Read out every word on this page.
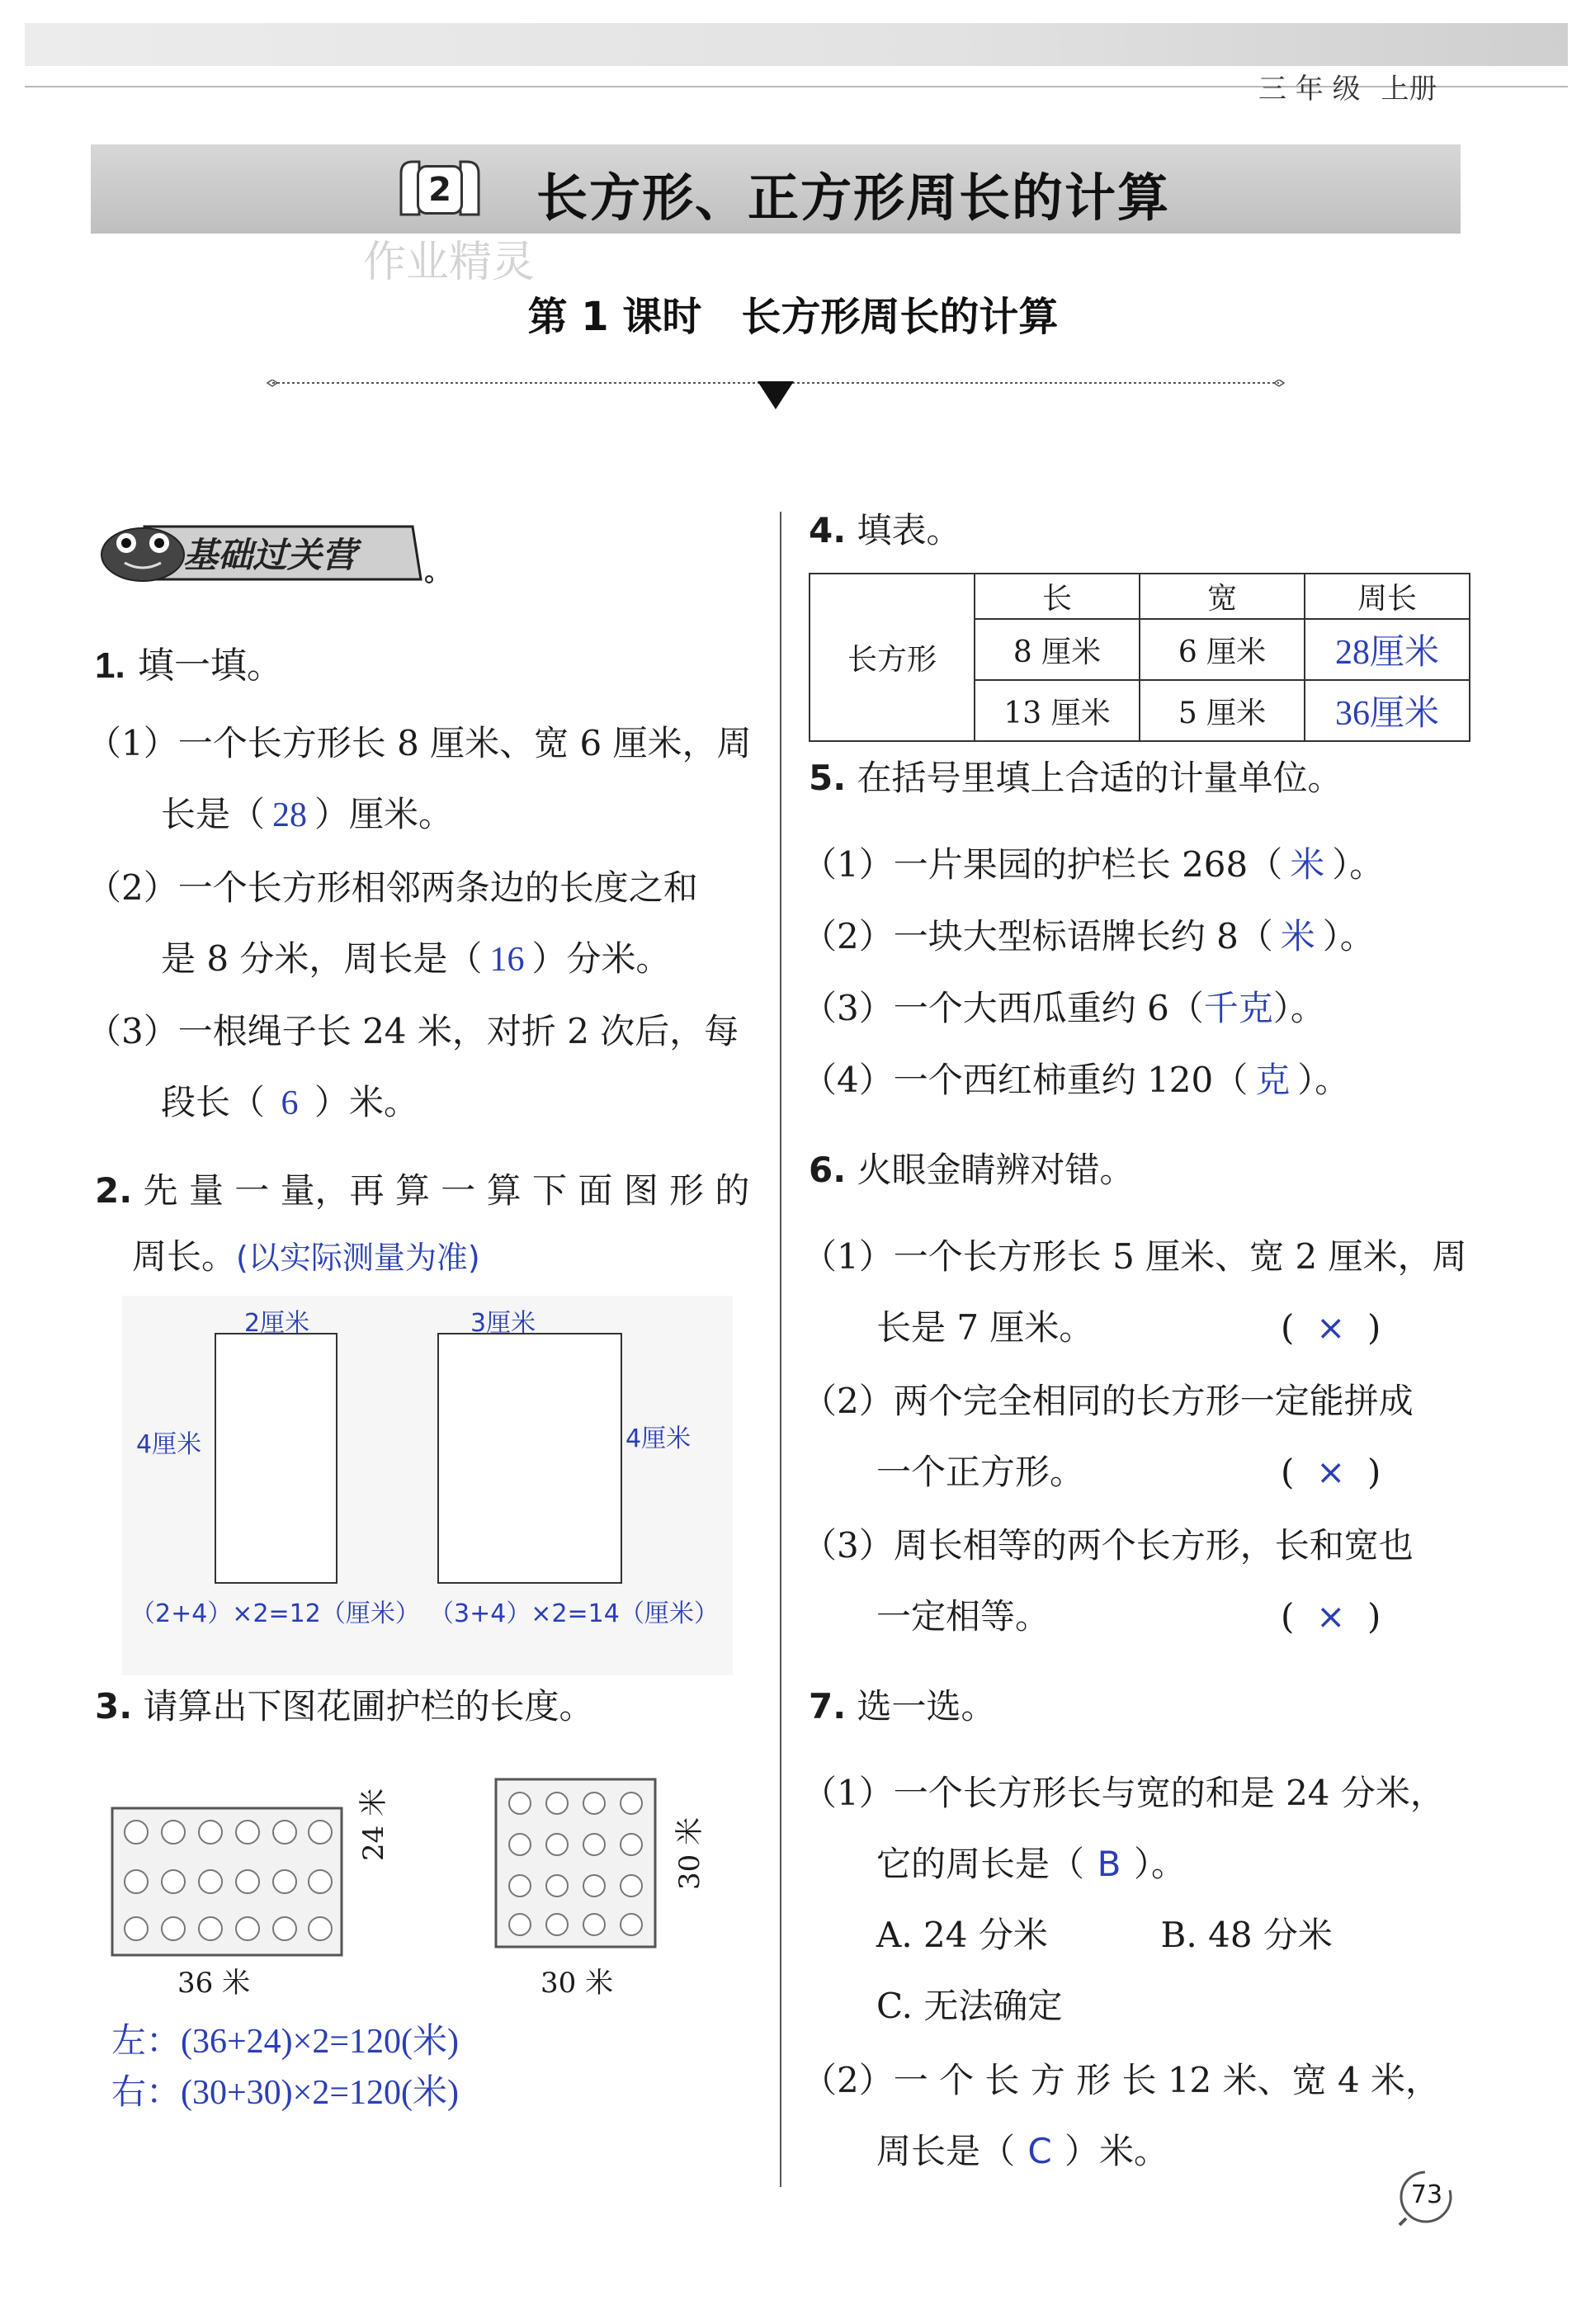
三 年 级 上册
2 长方形、正方形周长的计算
作业精灵
第 1 课时　长方形周长的计算
基础过关营
1. 填一填。
（1）一个长方形长 8 厘米、宽 6 厘米，周
长是（ 28 ）厘米。
（2）一个长方形相邻两条边的长度之和
是 8 分米，周长是（ 16 ）分米。
（3）一根绳子长 24 米，对折 2 次后，每
段长（ 6 ）米。
2. 先 量 一 量，再 算 一 算 下 面 图 形 的
周长。(以实际测量为准)
2厘米
4厘米
3厘米
4厘米
（2+4）×2=12（厘米） （3+4）×2=14（厘米）
3. 请算出下图花圃护栏的长度。
36 米
24 米
30 米
30 米
左：(36+24)×2=120(米)
右：(30+30)×2=120(米)
4. 填表。
长方形	长	宽	周长
	8 厘米	6 厘米	28厘米
	13 厘米	5 厘米	36厘米
5. 在括号里填上合适的计量单位。
（1）一片果园的护栏长 268（ 米 ）。
（2）一块大型标语牌长约 8（ 米 ）。
（3）一个大西瓜重约 6（千克）。
（4）一个西红柿重约 120（ 克 ）。
6. 火眼金睛辨对错。
（1）一个长方形长 5 厘米、宽 2 厘米，周
长是 7 厘米。	(  ×  )
（2）两个完全相同的长方形一定能拼成
一个正方形。	(  ×  )
（3）周长相等的两个长方形，长和宽也
一定相等。	(  ×  )
7. 选一选。
（1）一个长方形长与宽的和是 24 分米，
它的周长是（ B ）。
A. 24 分米	B. 48 分米
C. 无法确定
（2）一 个 长 方 形 长 12 米、宽 4 米，
周长是（ C ）米。
73
